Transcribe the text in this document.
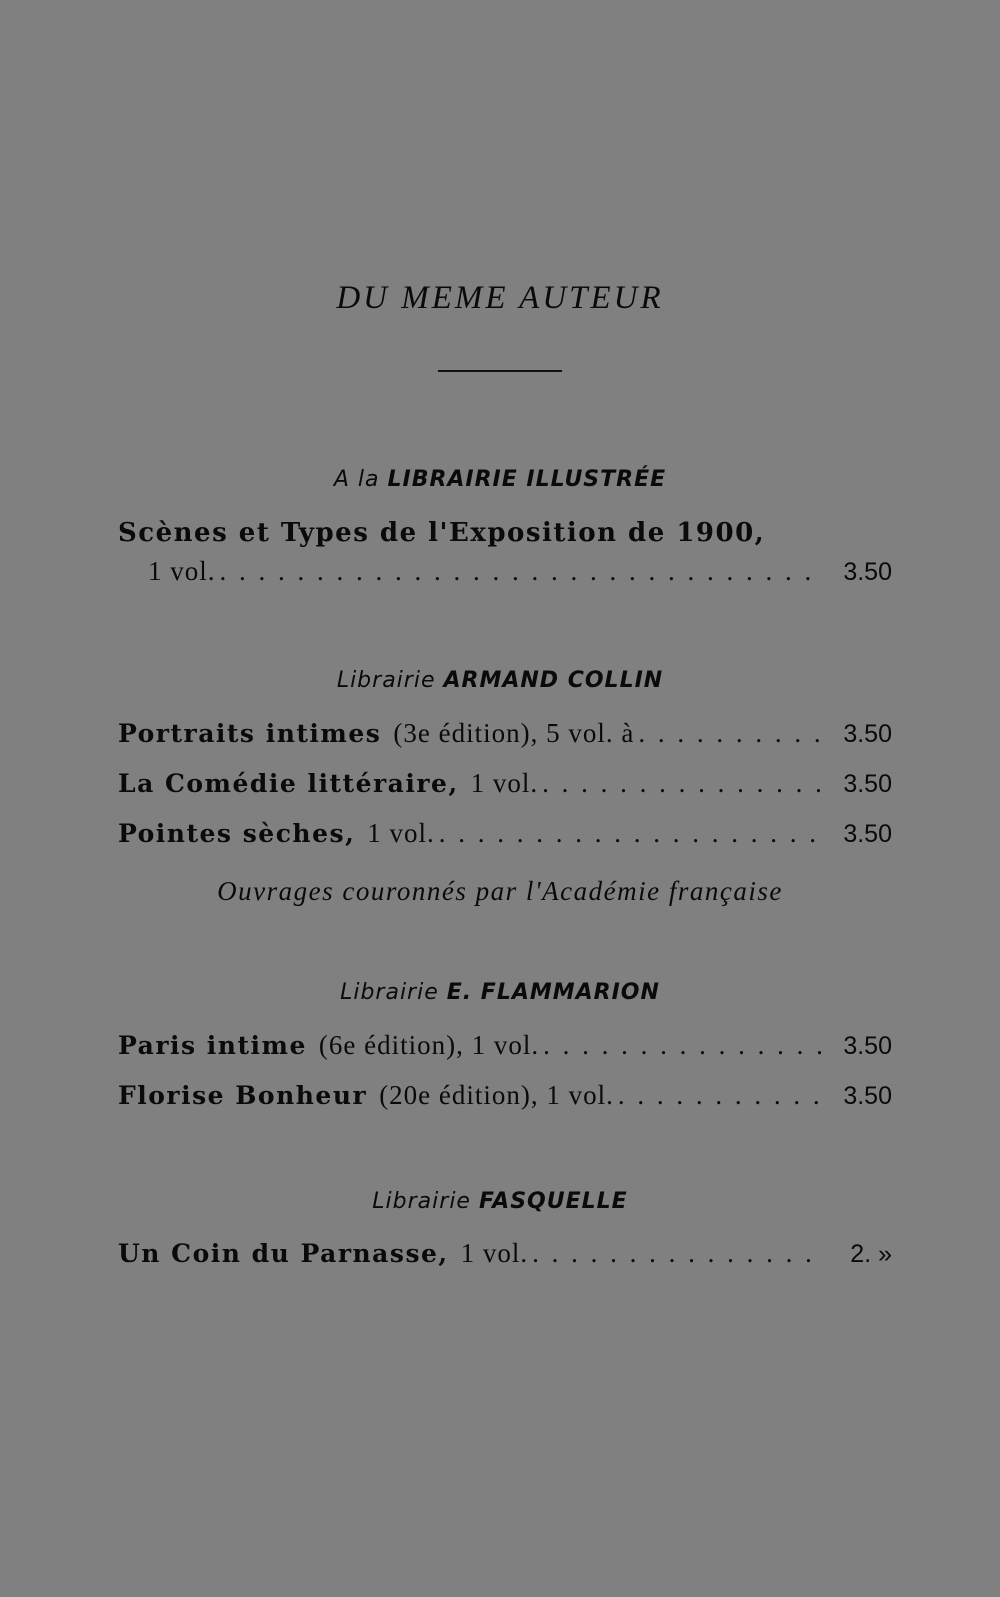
DU MEME AUTEUR
A la LIBRAIRIE ILLUSTRÉE
Scènes et Types de l'Exposition de 1900,
1 vol. . . .	3.50
Librairie ARMAND COLLIN
Portraits intimes (3e édition), 5 vol. à . . .	3.50
La Comédie littéraire, 1 vol. . . .	3.50
Pointes sèches, 1 vol. . . .	3.50

Ouvrages couronnés par l'Académie française

Librairie E. FLAMMARION
Paris intime (6e édition), 1 vol. . . .	3.50
Florise Bonheur (20e édition), 1 vol. . . .	3.50
Librairie FASQUELLE
Un Coin du Parnasse, 1 vol. . . .	2. »
